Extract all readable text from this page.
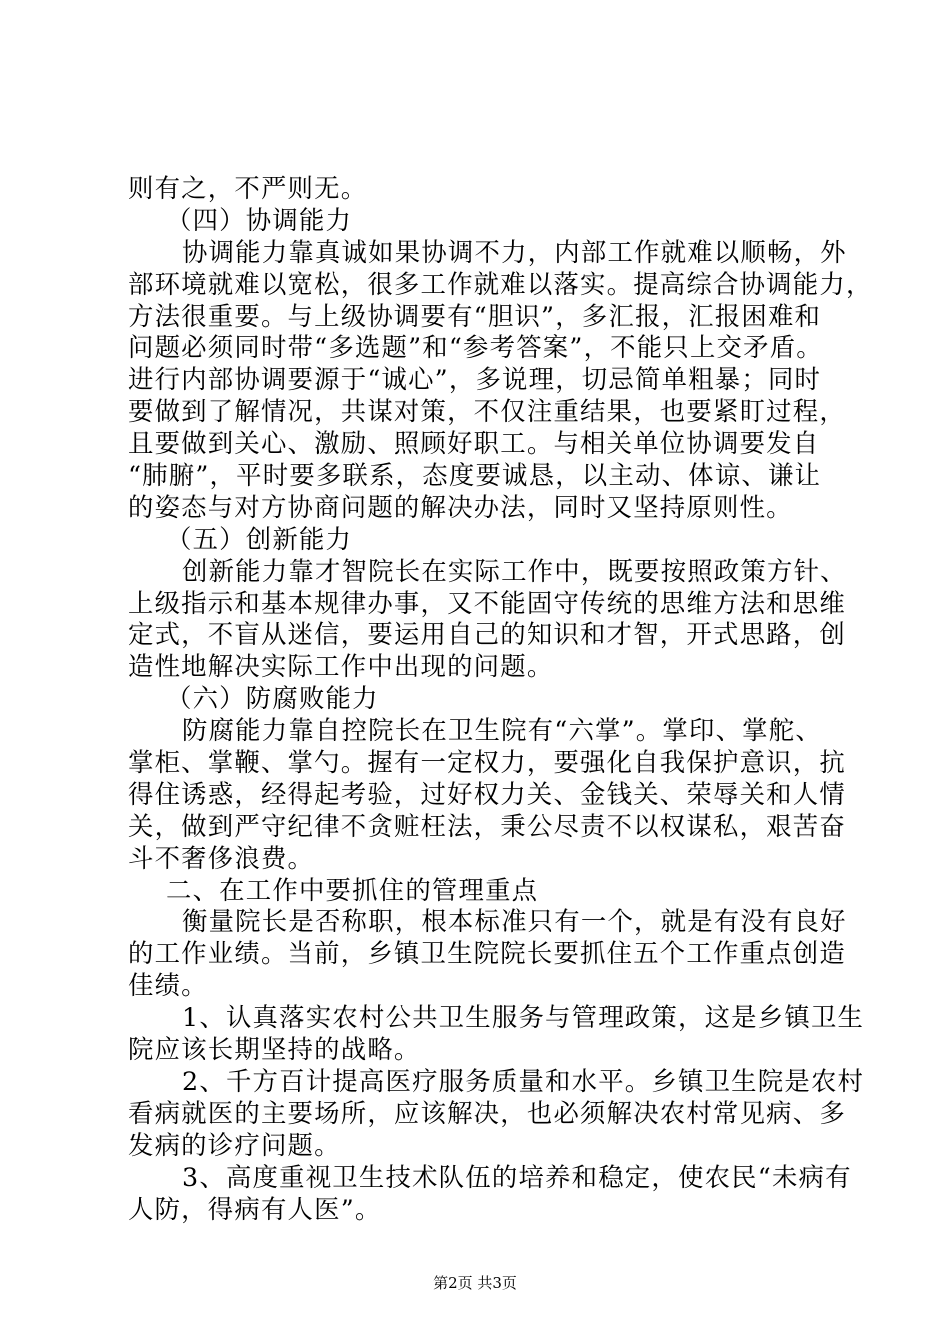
则有之，不严则无。
（四）协调能力
协调能力靠真诚如果协调不力，内部工作就难以顺畅，外
部环境就难以宽松，很多工作就难以落实。提高综合协调能力，
方法很重要。与上级协调要有“胆识”，多汇报，汇报困难和
问题必须同时带“多选题”和“参考答案”，不能只上交矛盾。
进行内部协调要源于“诚心”，多说理，切忌简单粗暴；同时
要做到了解情况，共谋对策，不仅注重结果，也要紧盯过程，
且要做到关心、激励、照顾好职工。与相关单位协调要发自
“肺腑”，平时要多联系，态度要诚恳，以主动、体谅、谦让
的姿态与对方协商问题的解决办法，同时又坚持原则性。
（五）创新能力
创新能力靠才智院长在实际工作中，既要按照政策方针、
上级指示和基本规律办事，又不能固守传统的思维方法和思维
定式，不盲从迷信，要运用自己的知识和才智，开式思路，创
造性地解决实际工作中出现的问题。
（六）防腐败能力
防腐能力靠自控院长在卫生院有“六掌”。掌印、掌舵、
掌柜、掌鞭、掌勺。握有一定权力，要强化自我保护意识，抗
得住诱惑，经得起考验，过好权力关、金钱关、荣辱关和人情
关，做到严守纪律不贪赃枉法，秉公尽责不以权谋私，艰苦奋
斗不奢侈浪费。
二、在工作中要抓住的管理重点
衡量院长是否称职，根本标准只有一个，就是有没有良好
的工作业绩。当前，乡镇卫生院院长要抓住五个工作重点创造
佳绩。
1、认真落实农村公共卫生服务与管理政策，这是乡镇卫生
院应该长期坚持的战略。
2、千方百计提高医疗服务质量和水平。乡镇卫生院是农村
看病就医的主要场所，应该解决，也必须解决农村常见病、多
发病的诊疗问题。
3、高度重视卫生技术队伍的培养和稳定，使农民“未病有
人防，得病有人医”。
第2页 共3页
